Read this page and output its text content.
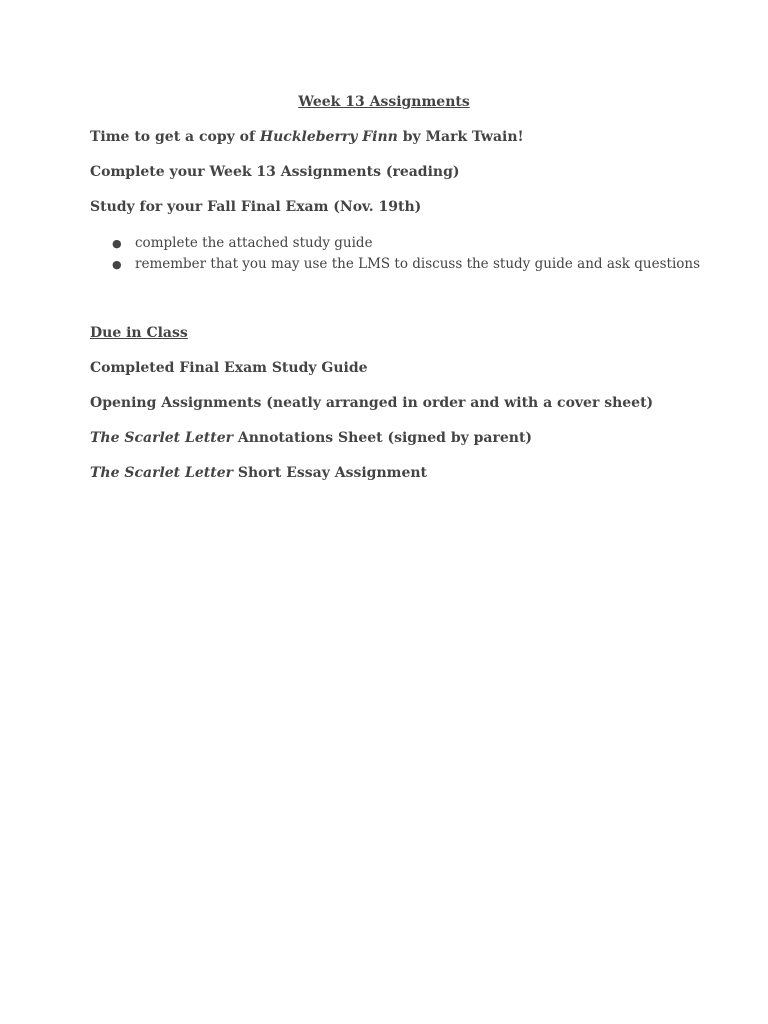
Week 13 Assignments
Time to get a copy of Huckleberry Finn by Mark Twain!
Complete your Week 13 Assignments (reading)
Study for your Fall Final Exam (Nov. 19th)
● complete the attached study guide
● remember that you may use the LMS to discuss the study guide and ask questions
Due in Class
Completed Final Exam Study Guide
Opening Assignments (neatly arranged in order and with a cover sheet)
The Scarlet Letter Annotations Sheet (signed by parent)
The Scarlet Letter Short Essay Assignment
